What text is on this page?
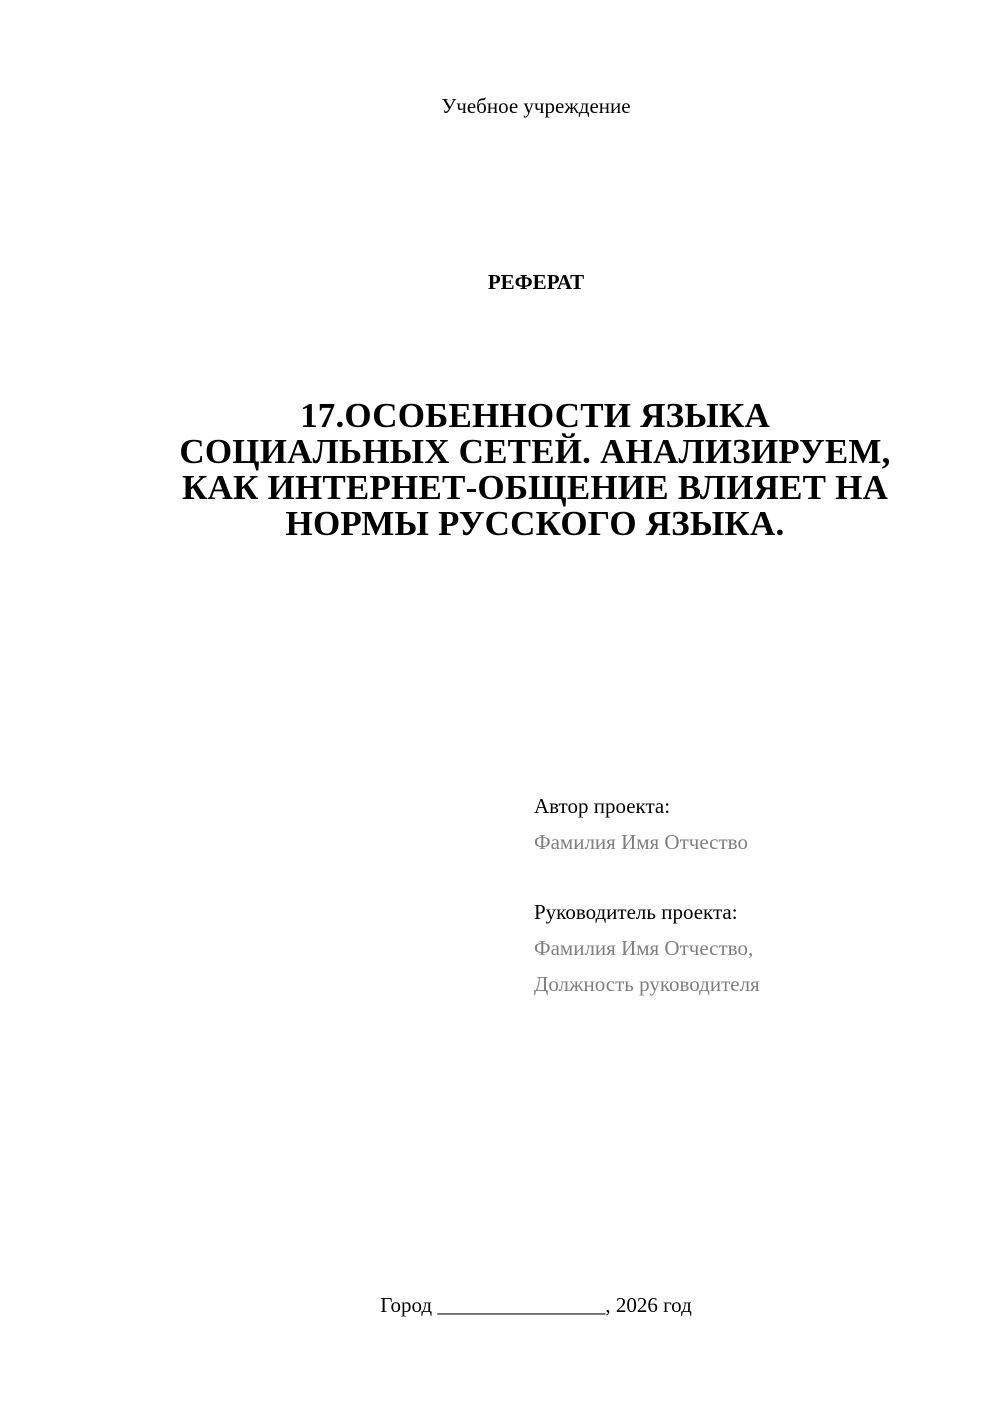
Учебное учреждение
РЕФЕРАТ
17.ОСОБЕННОСТИ ЯЗЫКА
СОЦИАЛЬНЫХ СЕТЕЙ. АНАЛИЗИРУЕМ,
КАК ИНТЕРНЕТ-ОБЩЕНИЕ ВЛИЯЕТ НА
НОРМЫ РУССКОГО ЯЗЫКА.
Автор проекта:
Фамилия Имя Отчество
Руководитель проекта:
Фамилия Имя Отчество,
Должность руководителя
Город ________________, 2026 год
